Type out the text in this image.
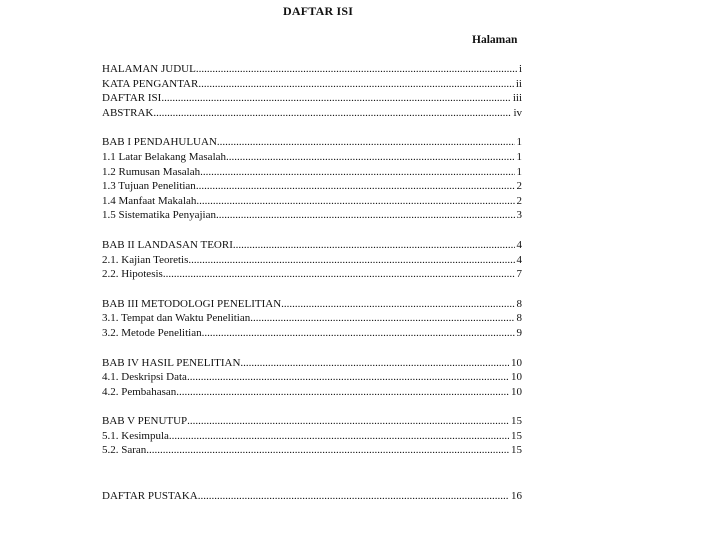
DAFTAR ISI
Halaman
HALAMAN JUDUL .....	i
KATA PENGANTAR .....	ii
DAFTAR ISI .....	iii
ABSTRAK .....	iv
BAB I PENDAHULUAN .....	1
1.1 Latar Belakang Masalah .....	1
1.2 Rumusan Masalah .....	1
1.3 Tujuan Penelitian .....	2
1.4 Manfaat Makalah .....	2
1.5 Sistematika Penyajian .....	3
BAB II LANDASAN TEORI .....	4
2.1. Kajian Teoretis .....	4
2.2. Hipotesis .....	7
BAB III METODOLOGI PENELITIAN .....	8
3.1. Tempat dan Waktu Penelitian .....	8
3.2. Metode Penelitian .....	9
BAB IV HASIL PENELITIAN .....	10
4.1. Deskripsi Data .....	10
4.2. Pembahasan .....	10
BAB V PENUTUP .....	15
5.1. Kesimpula .....	15
5.2. Saran .....	15
DAFTAR PUSTAKA .....	16
